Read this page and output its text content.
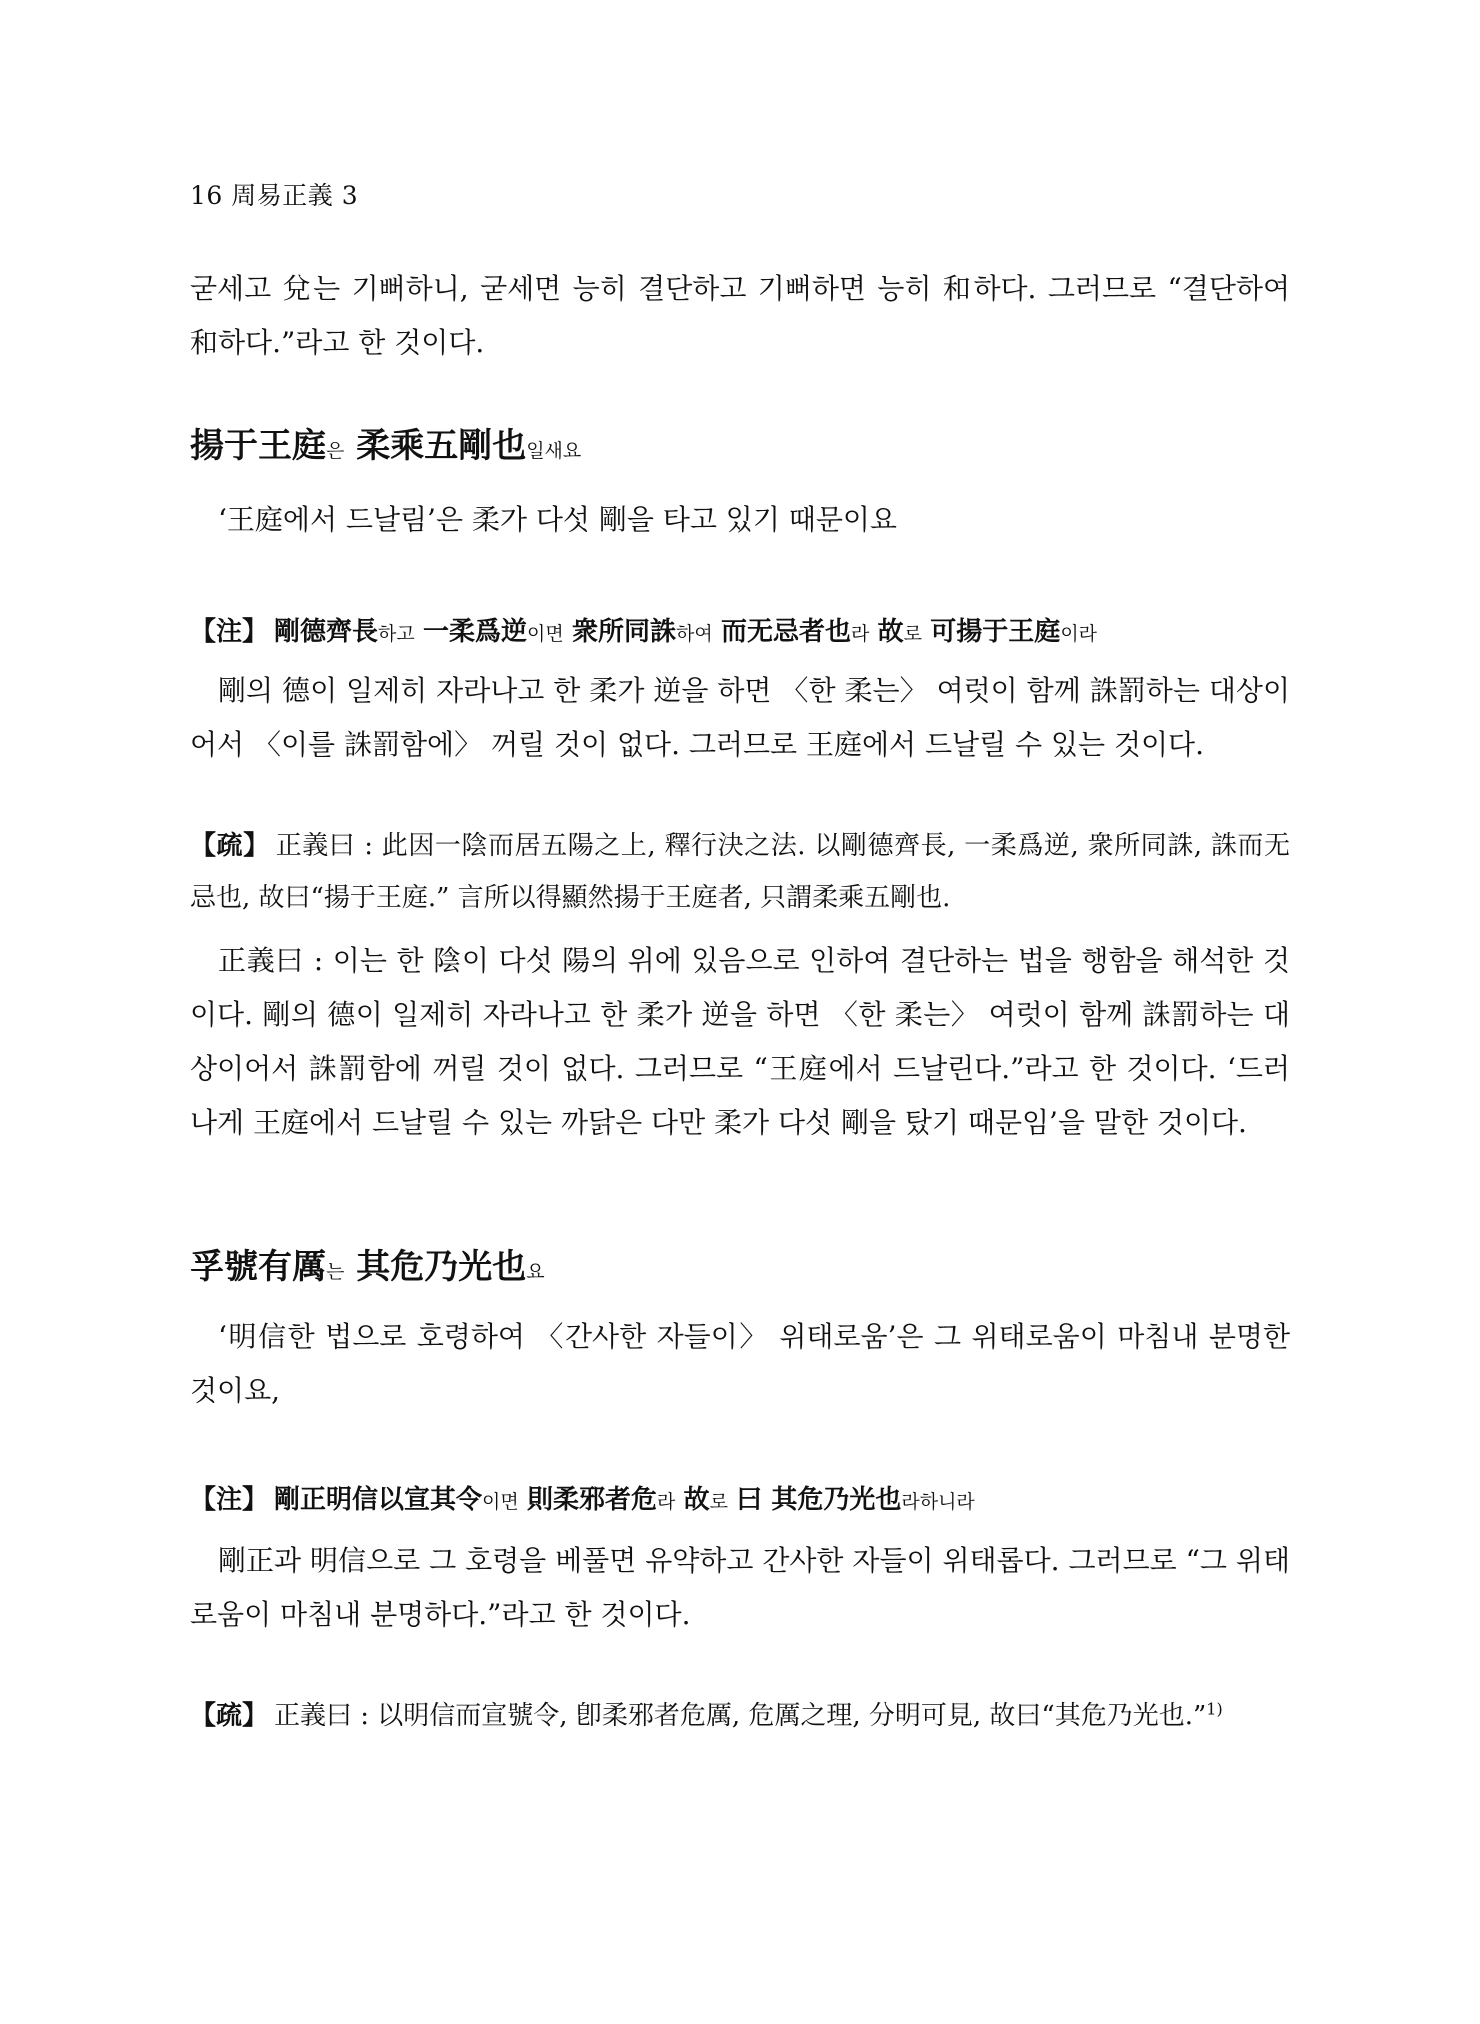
16 周易正義 3

굳세고 兌는 기뻐하니, 굳세면 능히 결단하고 기뻐하면 능히 和하다. 그러므로 “결단하여 和하다.”라고 한 것이다.

揚于王庭은 柔乘五剛也일새요

‘王庭에서 드날림’은 柔가 다섯 剛을 타고 있기 때문이요

【注】 剛德齊長하고 一柔爲逆이면 衆所同誅하여 而无忌者也라 故로 可揚于王庭이라

剛의 德이 일제히 자라나고 한 柔가 逆을 하면 〈한 柔는〉 여럿이 함께 誅罰하는 대상이어서 〈이를 誅罰함에〉 꺼릴 것이 없다. 그러므로 王庭에서 드날릴 수 있는 것이다.

【疏】 正義曰 : 此因一陰而居五陽之上, 釋行決之法. 以剛德齊長, 一柔爲逆, 衆所同誅, 誅而无忌也, 故曰“揚于王庭.” 言所以得顯然揚于王庭者, 只謂柔乘五剛也.

正義曰 : 이는 한 陰이 다섯 陽의 위에 있음으로 인하여 결단하는 법을 행함을 해석한 것이다. 剛의 德이 일제히 자라나고 한 柔가 逆을 하면 〈한 柔는〉 여럿이 함께 誅罰하는 대상이어서 誅罰함에 꺼릴 것이 없다. 그러므로 “王庭에서 드날린다.”라고 한 것이다. ‘드러나게 王庭에서 드날릴 수 있는 까닭은 다만 柔가 다섯 剛을 탔기 때문임’을 말한 것이다.

孚號有厲는 其危乃光也요

‘明信한 법으로 호령하여 〈간사한 자들이〉 위태로움’은 그 위태로움이 마침내 분명한 것이요,

【注】 剛正明信以宣其令이면 則柔邪者危라 故로 曰 其危乃光也라하니라

剛正과 明信으로 그 호령을 베풀면 유약하고 간사한 자들이 위태롭다. 그러므로 “그 위태로움이 마침내 분명하다.”라고 한 것이다.

【疏】 正義曰 : 以明信而宣號令, 卽柔邪者危厲, 危厲之理, 分明可見, 故曰“其危乃光也.”$^{1)}$
